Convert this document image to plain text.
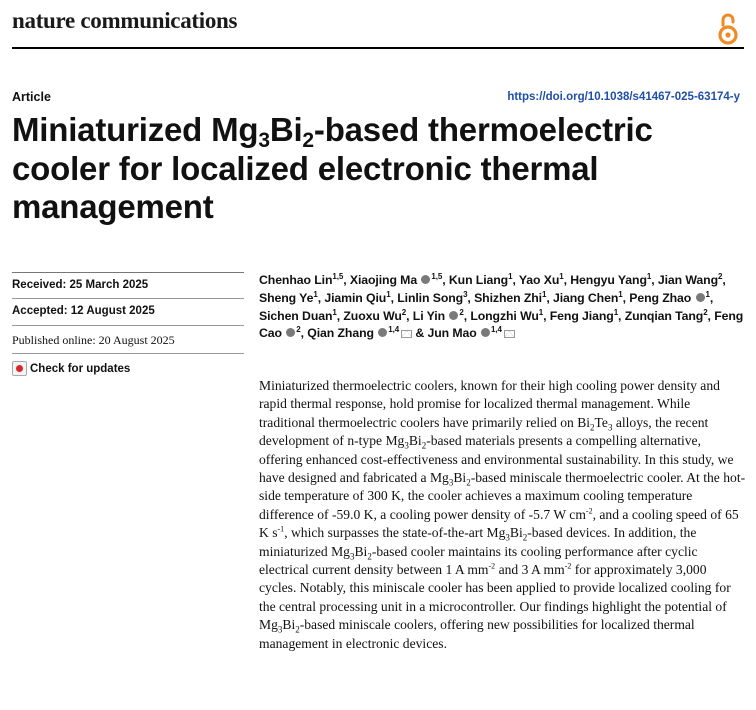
nature communications
Article	https://doi.org/10.1038/s41467-025-63174-y
Miniaturized $Mg_3Bi_2$-based thermoelectric cooler for localized electronic thermal management
Received: 25 March 2025
Accepted: 12 August 2025
Published online: 20 August 2025
Check for updates

Chenhao Lin$^{1,5}$, Xiaojing Ma $^{1,5}$, Kun Liang$^1$, Yao Xu$^1$, Hengyu Yang$^1$, Jian Wang$^2$, Sheng Ye$^1$, Jiamin Qiu$^1$, Linlin Song$^3$, Shizhen Zhi$^1$, Jiang Chen$^1$, Peng Zhao $^1$, Sichen Duan$^1$, Zuoxu Wu$^2$, Li Yin $^2$, Longzhi Wu$^1$, Feng Jiang$^1$, Zunqian Tang$^2$, Feng Cao $^2$, Qian Zhang $^{1,4}$ & Jun Mao $^{1,4}$

Miniaturized thermoelectric coolers, known for their high cooling power density and rapid thermal response, hold promise for localized thermal management. While traditional thermoelectric coolers have primarily relied on $Bi_2Te_3$ alloys, the recent development of n-type $Mg_3Bi_2$-based materials presents a compelling alternative, offering enhanced cost-effectiveness and environmental sustainability. In this study, we have designed and fabricated a $Mg_3Bi_2$-based miniscale thermoelectric cooler. At the hot-side temperature of 300 K, the cooler achieves a maximum cooling temperature difference of -59.0 K, a cooling power density of -5.7 W $cm^{-2}$, and a cooling speed of 65 K $s^{-1}$, which surpasses the state-of-the-art $Mg_3Bi_2$-based devices. In addition, the miniaturized $Mg_3Bi_2$-based cooler maintains its cooling performance after cyclic electrical current density between 1 A $mm^{-2}$ and 3 A $mm^{-2}$ for approximately 3,000 cycles. Notably, this miniscale cooler has been applied to provide localized cooling for the central processing unit in a microcontroller. Our findings highlight the potential of $Mg_3Bi_2$-based miniscale coolers, offering new possibilities for localized thermal management in electronic devices.
